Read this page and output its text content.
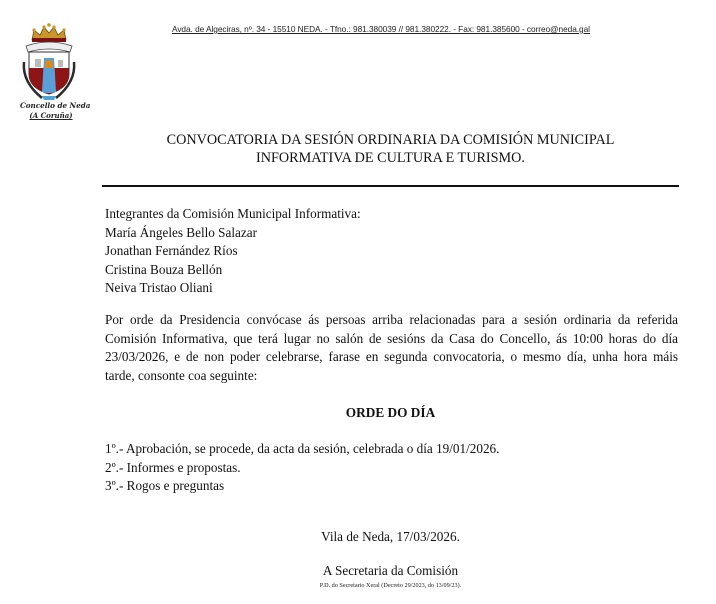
Avda. de Algeciras, nº. 34 - 15510 NEDA. - Tfno.: 981.380039 // 981.380222. - Fax: 981.385600 - correo@neda.gal
Concello de Neda
(A Coruña)
CONVOCATORIA DA SESIÓN ORDINARIA DA COMISIÓN MUNICIPAL
INFORMATIVA DE CULTURA E TURISMO.
Integrantes da Comisión Municipal Informativa:
María Ángeles Bello Salazar
Jonathan Fernández Ríos
Cristina Bouza Bellón
Neiva Tristao Oliani
Por orde da Presidencia convócase ás persoas arriba relacionadas para a sesión ordinaria da referida
Comisión Informativa, que terá lugar no salón de sesións da Casa do Concello, ás 10:00 horas do día
23/03/2026, e de non poder celebrarse, farase en segunda convocatoria, o mesmo día, unha hora máis
tarde, consonte coa seguinte:
ORDE DO DÍA
1º.- Aprobación, se procede, da acta da sesión, celebrada o día 19/01/2026.
2º.- Informes e propostas.
3º.- Rogos e preguntas
Vila de Neda, 17/03/2026.
A Secretaria da Comisión
P.D. do Secretario Xeral (Decreto 29/2023, do 13/09/23).
